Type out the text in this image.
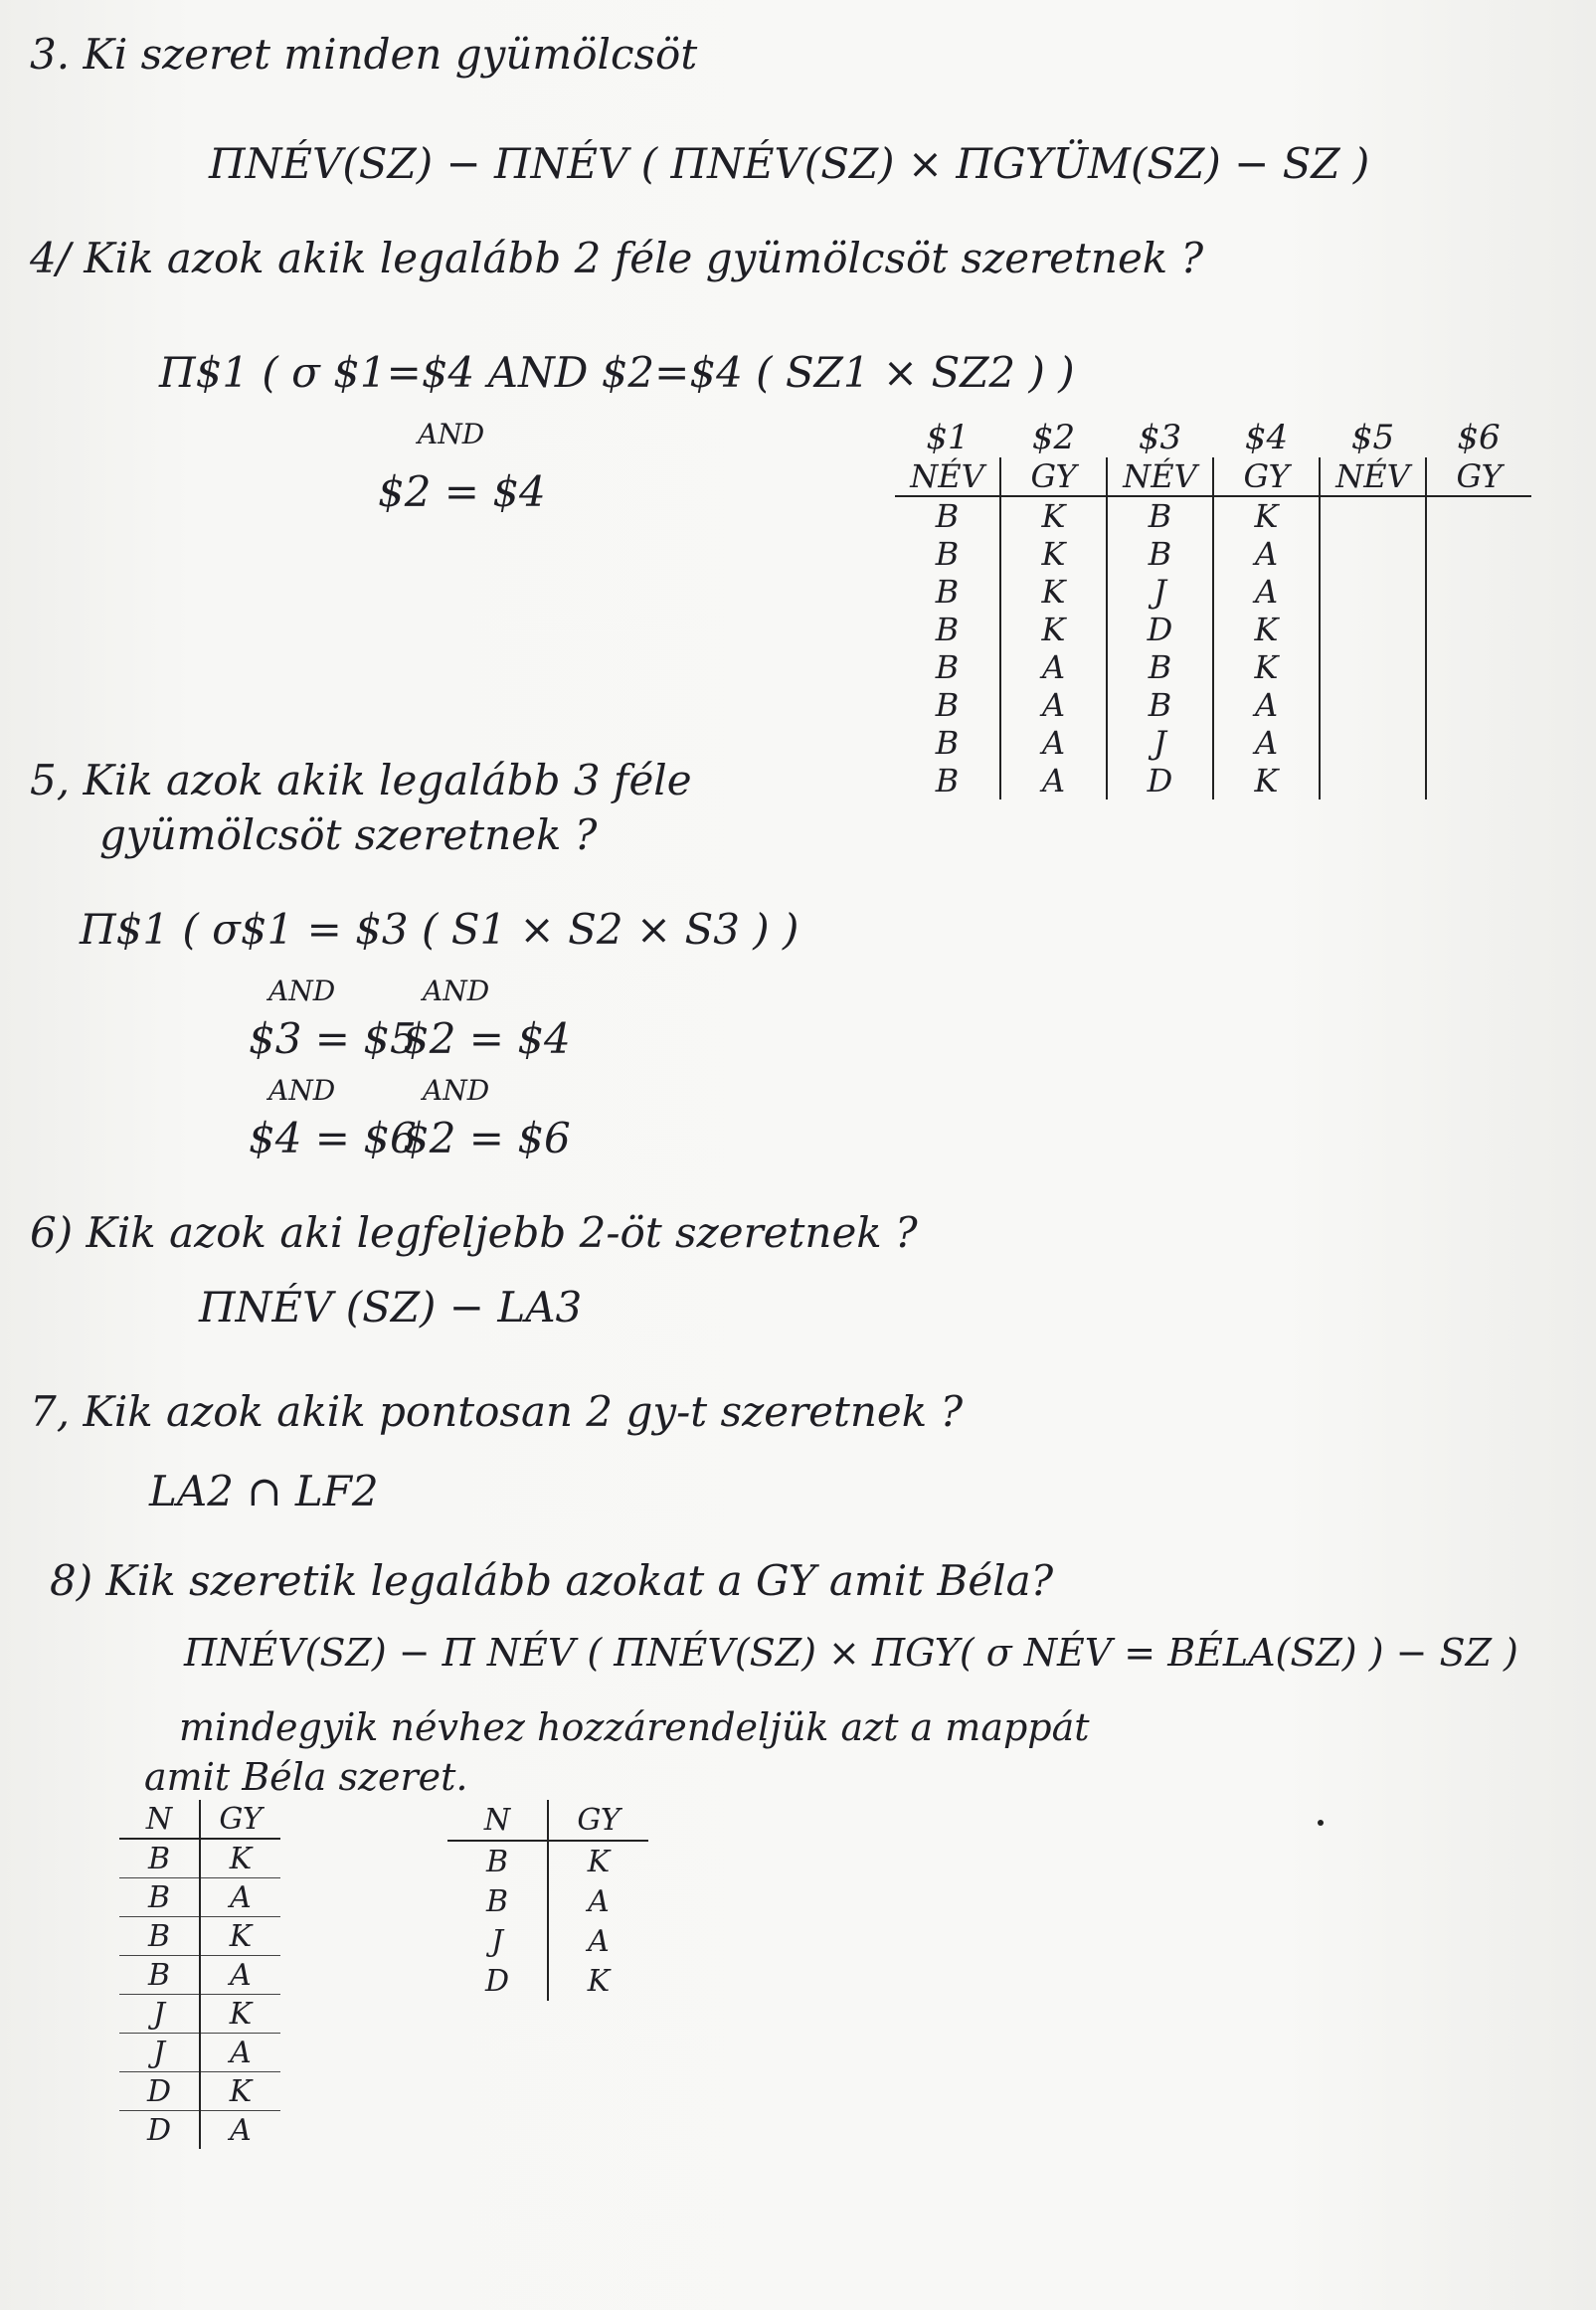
3. Ki szeret minden gyümölcsöt
ΠNÉV(SZ) − ΠNÉV ( ΠNÉV(SZ) × ΠGYÜM(SZ) − SZ )
4/ Kik azok akik legalább 2 féle gyümölcsöt szeretnek ?
Π$1 ( σ $1=$4 AND $2=$4 ( SZ1 × SZ2 ) )
AND
$2 = $4
$1	$2	$3	$4	$5	$6
NÉV	GY	NÉV	GY	NÉV	GY
B	K	B	K		
B	K	B	A		
B	K	J	A		
B	K	D	K		
B	A	B	K		
B	A	B	A		
B	A	J	A		
B	A	D	K		
5, Kik azok akik legalább 3 féle
gyümölcsöt szeretnek ?
Π$1 ( σ$1 = $3 ( S1 × S2 × S3 ) )
AND
$3 = $5
AND
$4 = $6
AND
$2 = $4
AND
$2 = $6
6) Kik azok aki legfeljebb 2-öt szeretnek ?
ΠNÉV (SZ) − LA3
7, Kik azok akik pontosan 2 gy-t szeretnek ?
LA2 ∩ LF2
8) Kik szeretik legalább azokat a GY amit Béla?
ΠNÉV(SZ) − Π NÉV ( ΠNÉV(SZ) × ΠGY( σ NÉV = BÉLA(SZ) ) − SZ )
mindegyik névhez hozzárendeljük azt a mappát
amit Béla szeret.
N	GY
B	K
B	A
B	K
B	A
J	K
J	A
D	K
D	A
N	GY
B	K
B	A
J	A
D	K
